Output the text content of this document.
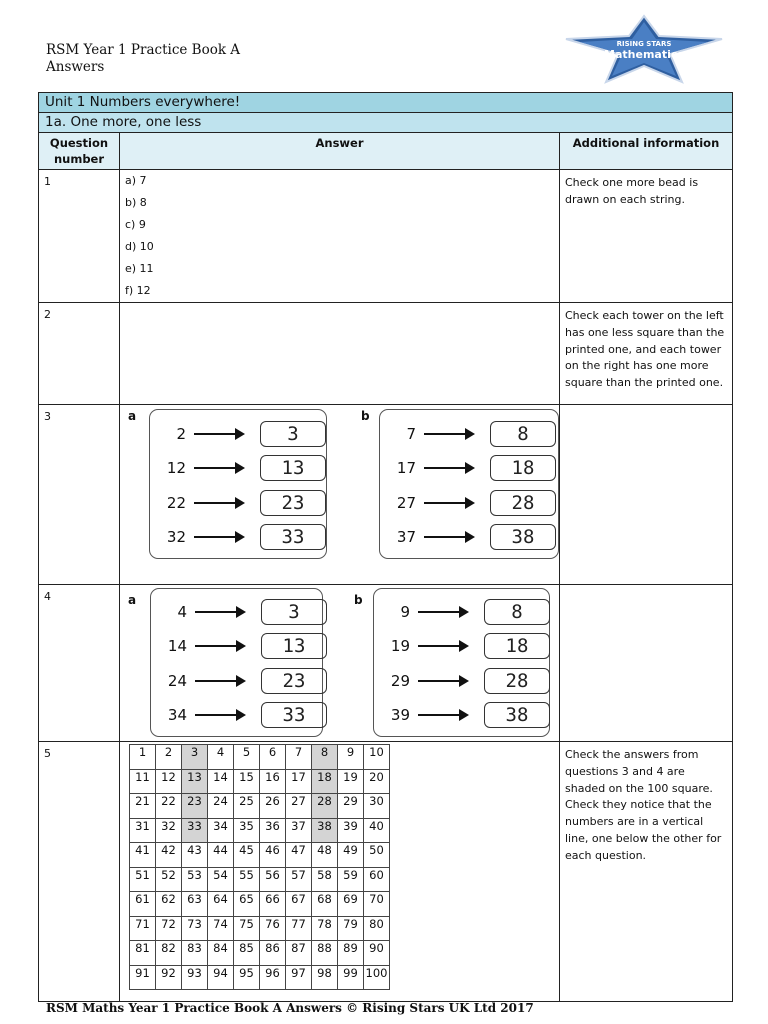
RSM Year 1 Practice Book A
Answers
RISING STARS
Mathematics
Unit 1 Numbers everywhere!
1a. One more, one less
Question number	Answer	Additional information
1	a) 7
b) 8
c) 9
d) 10
e) 11
f) 12
	Check one more bead is drawn on each string.
2		Check each tower on the left has one less square than the printed one, and each tower on the right has one more square than the printed one.
3	a
2	3
12	13
22	23
32	33
b
7	8
17	18
27	28
37	38

4	a
4	3
14	13
24	23
34	33
b
9	8
19	18
29	28
39	38

5		1	2	3	4	5	6	7	8	9	10
11	12	13	14	15	16	17	18	19	20
21	22	23	24	25	26	27	28	29	30
31	32	33	34	35	36	37	38	39	40
41	42	43	44	45	46	47	48	49	50
51	52	53	54	55	56	57	58	59	60
61	62	63	64	65	66	67	68	69	70
71	72	73	74	75	76	77	78	79	80
81	82	83	84	85	86	87	88	89	90
91	92	93	94	95	96	97	98	99	100
	Check the answers from questions 3 and 4 are shaded on the 100 square. Check they notice that the numbers are in a vertical line, one below the other for each question.
RSM Maths Year 1 Practice Book A Answers © Rising Stars UK Ltd 2017
